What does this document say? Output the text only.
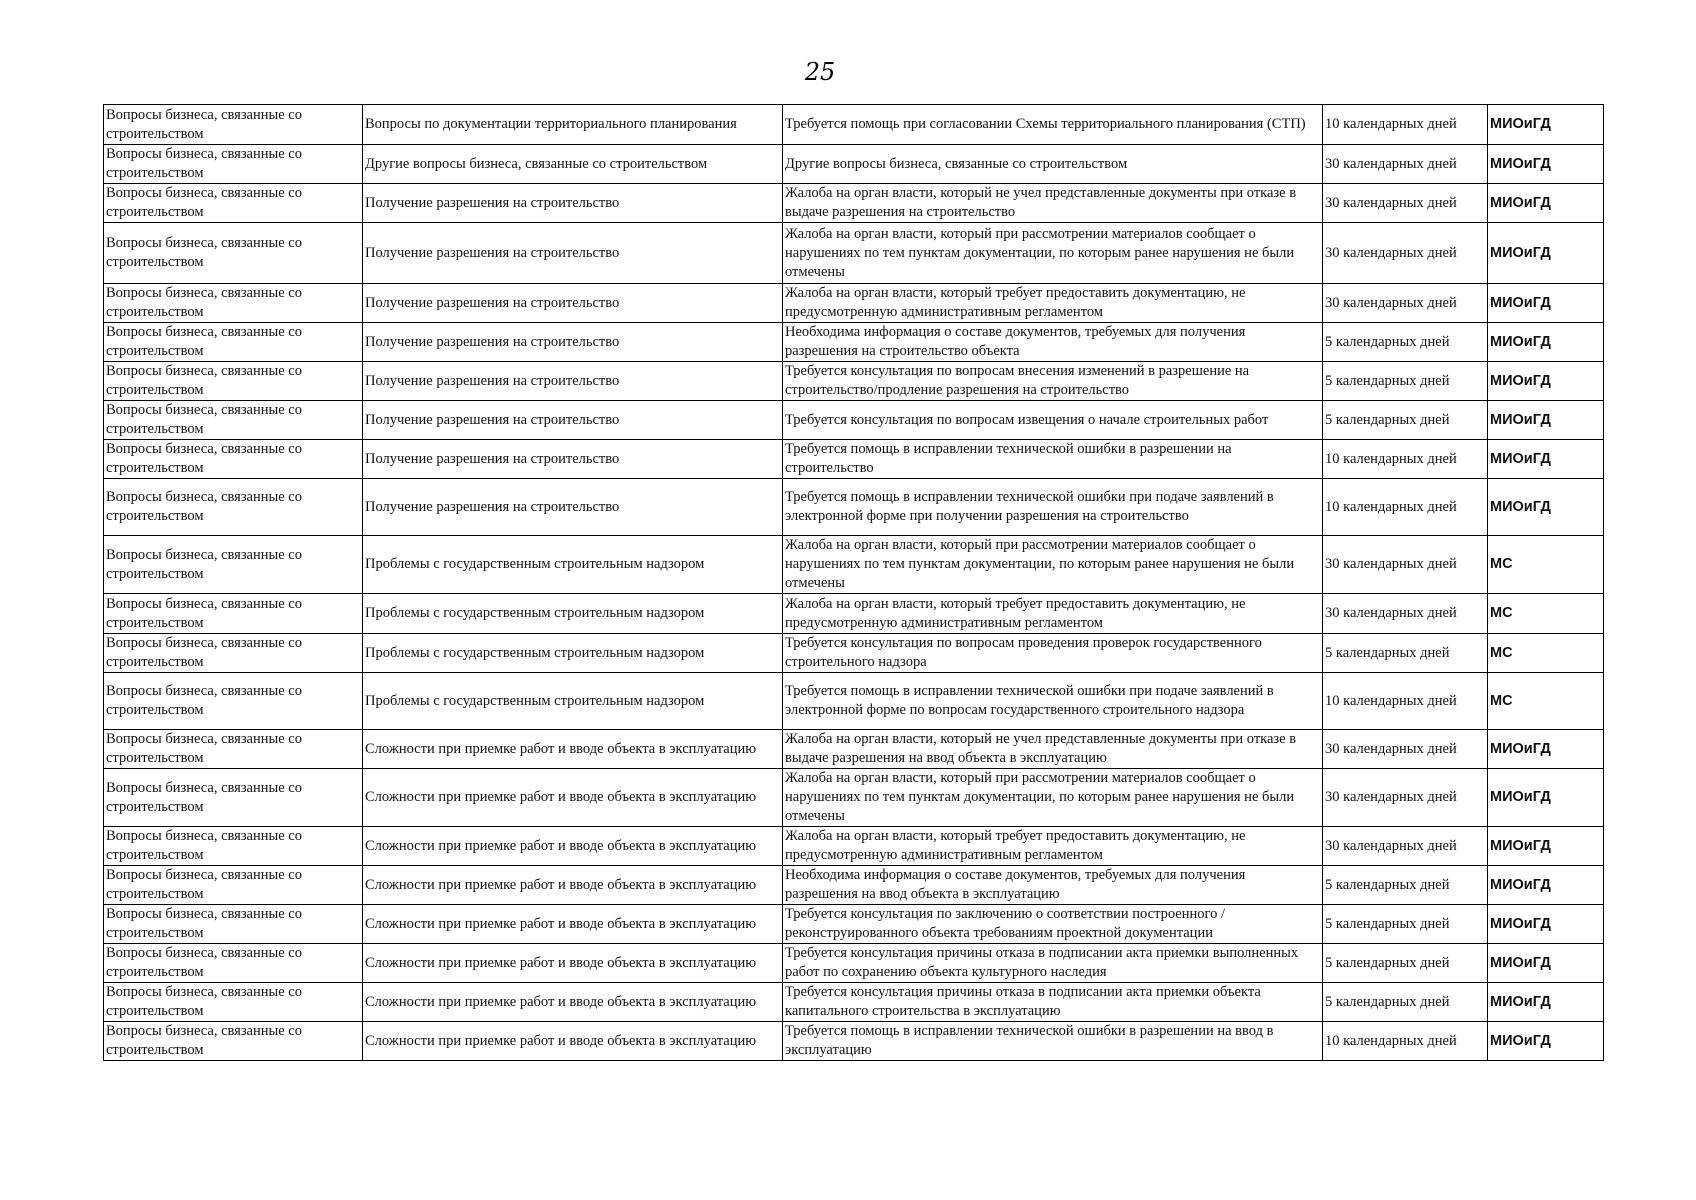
25
Вопросы бизнеса, связанные со строительством	Вопросы по документации территориального планирования	Требуется помощь при согласовании Схемы территориального планирования (СТП)	10 календарных дней	МИОиГД
Вопросы бизнеса, связанные со строительством	Другие вопросы бизнеса, связанные со строительством	Другие вопросы бизнеса, связанные со строительством	30 календарных дней	МИОиГД
Вопросы бизнеса, связанные со строительством	Получение разрешения на строительство	Жалоба на орган власти, который не учел представленные документы при отказе в выдаче разрешения на строительство	30 календарных дней	МИОиГД
Вопросы бизнеса, связанные со строительством	Получение разрешения на строительство	Жалоба на орган власти, который при рассмотрении материалов сообщает о нарушениях по тем пунктам документации, по которым ранее нарушения не были отмечены	30 календарных дней	МИОиГД
Вопросы бизнеса, связанные со строительством	Получение разрешения на строительство	Жалоба на орган власти, который требует предоставить документацию, не предусмотренную административным регламентом	30 календарных дней	МИОиГД
Вопросы бизнеса, связанные со строительством	Получение разрешения на строительство	Необходима информация о составе документов, требуемых для получения разрешения на строительство объекта	5 календарных дней	МИОиГД
Вопросы бизнеса, связанные со строительством	Получение разрешения на строительство	Требуется консультация по вопросам внесения изменений в разрешение на строительство/продление разрешения на строительство	5 календарных дней	МИОиГД
Вопросы бизнеса, связанные со строительством	Получение разрешения на строительство	Требуется консультация по вопросам извещения о начале строительных работ	5 календарных дней	МИОиГД
Вопросы бизнеса, связанные со строительством	Получение разрешения на строительство	Требуется помощь в исправлении технической ошибки в разрешении на строительство	10 календарных дней	МИОиГД
Вопросы бизнеса, связанные со строительством	Получение разрешения на строительство	Требуется помощь в исправлении технической ошибки при подаче заявлений в электронной форме при получении разрешения на строительство	10 календарных дней	МИОиГД
Вопросы бизнеса, связанные со строительством	Проблемы с государственным строительным надзором	Жалоба на орган власти, который при рассмотрении материалов сообщает о нарушениях по тем пунктам документации, по которым ранее нарушения не были отмечены	30 календарных дней	МС
Вопросы бизнеса, связанные со строительством	Проблемы с государственным строительным надзором	Жалоба на орган власти, который требует предоставить документацию, не предусмотренную административным регламентом	30 календарных дней	МС
Вопросы бизнеса, связанные со строительством	Проблемы с государственным строительным надзором	Требуется консультация по вопросам проведения проверок государственного строительного надзора	5 календарных дней	МС
Вопросы бизнеса, связанные со строительством	Проблемы с государственным строительным надзором	Требуется помощь в исправлении технической ошибки при подаче заявлений в электронной форме по вопросам государственного строительного надзора	10 календарных дней	МС
Вопросы бизнеса, связанные со строительством	Сложности при приемке работ и вводе объекта в эксплуатацию	Жалоба на орган власти, который не учел представленные документы при отказе в выдаче разрешения на ввод объекта в эксплуатацию	30 календарных дней	МИОиГД
Вопросы бизнеса, связанные со строительством	Сложности при приемке работ и вводе объекта в эксплуатацию	Жалоба на орган власти, который при рассмотрении материалов сообщает о нарушениях по тем пунктам документации, по которым ранее нарушения не были отмечены	30 календарных дней	МИОиГД
Вопросы бизнеса, связанные со строительством	Сложности при приемке работ и вводе объекта в эксплуатацию	Жалоба на орган власти, который требует предоставить документацию, не предусмотренную административным регламентом	30 календарных дней	МИОиГД
Вопросы бизнеса, связанные со строительством	Сложности при приемке работ и вводе объекта в эксплуатацию	Необходима информация о составе документов, требуемых для получения разрешения на ввод объекта в эксплуатацию	5 календарных дней	МИОиГД
Вопросы бизнеса, связанные со строительством	Сложности при приемке работ и вводе объекта в эксплуатацию	Требуется консультация по заключению о соответствии построенного / реконструированного объекта требованиям проектной документации	5 календарных дней	МИОиГД
Вопросы бизнеса, связанные со строительством	Сложности при приемке работ и вводе объекта в эксплуатацию	Требуется консультация причины отказа в подписании акта приемки выполненных работ по сохранению объекта культурного наследия	5 календарных дней	МИОиГД
Вопросы бизнеса, связанные со строительством	Сложности при приемке работ и вводе объекта в эксплуатацию	Требуется консультация причины отказа в подписании акта приемки объекта капитального строительства в эксплуатацию	5 календарных дней	МИОиГД
Вопросы бизнеса, связанные со строительством	Сложности при приемке работ и вводе объекта в эксплуатацию	Требуется помощь в исправлении технической ошибки в разрешении на ввод в эксплуатацию	10 календарных дней	МИОиГД
